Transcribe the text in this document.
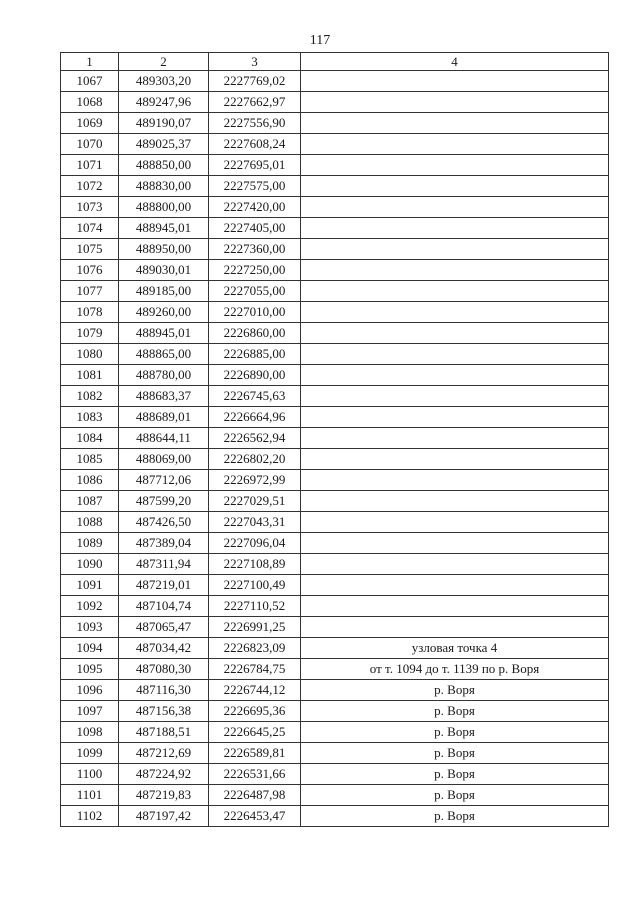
117
1	2	3	4
1067	489303,20	2227769,02	
1068	489247,96	2227662,97	
1069	489190,07	2227556,90	
1070	489025,37	2227608,24	
1071	488850,00	2227695,01	
1072	488830,00	2227575,00	
1073	488800,00	2227420,00	
1074	488945,01	2227405,00	
1075	488950,00	2227360,00	
1076	489030,01	2227250,00	
1077	489185,00	2227055,00	
1078	489260,00	2227010,00	
1079	488945,01	2226860,00	
1080	488865,00	2226885,00	
1081	488780,00	2226890,00	
1082	488683,37	2226745,63	
1083	488689,01	2226664,96	
1084	488644,11	2226562,94	
1085	488069,00	2226802,20	
1086	487712,06	2226972,99	
1087	487599,20	2227029,51	
1088	487426,50	2227043,31	
1089	487389,04	2227096,04	
1090	487311,94	2227108,89	
1091	487219,01	2227100,49	
1092	487104,74	2227110,52	
1093	487065,47	2226991,25	
1094	487034,42	2226823,09	узловая точка 4
1095	487080,30	2226784,75	от т. 1094 до т. 1139 по р. Воря
1096	487116,30	2226744,12	р. Воря
1097	487156,38	2226695,36	р. Воря
1098	487188,51	2226645,25	р. Воря
1099	487212,69	2226589,81	р. Воря
1100	487224,92	2226531,66	р. Воря
1101	487219,83	2226487,98	р. Воря
1102	487197,42	2226453,47	р. Воря
